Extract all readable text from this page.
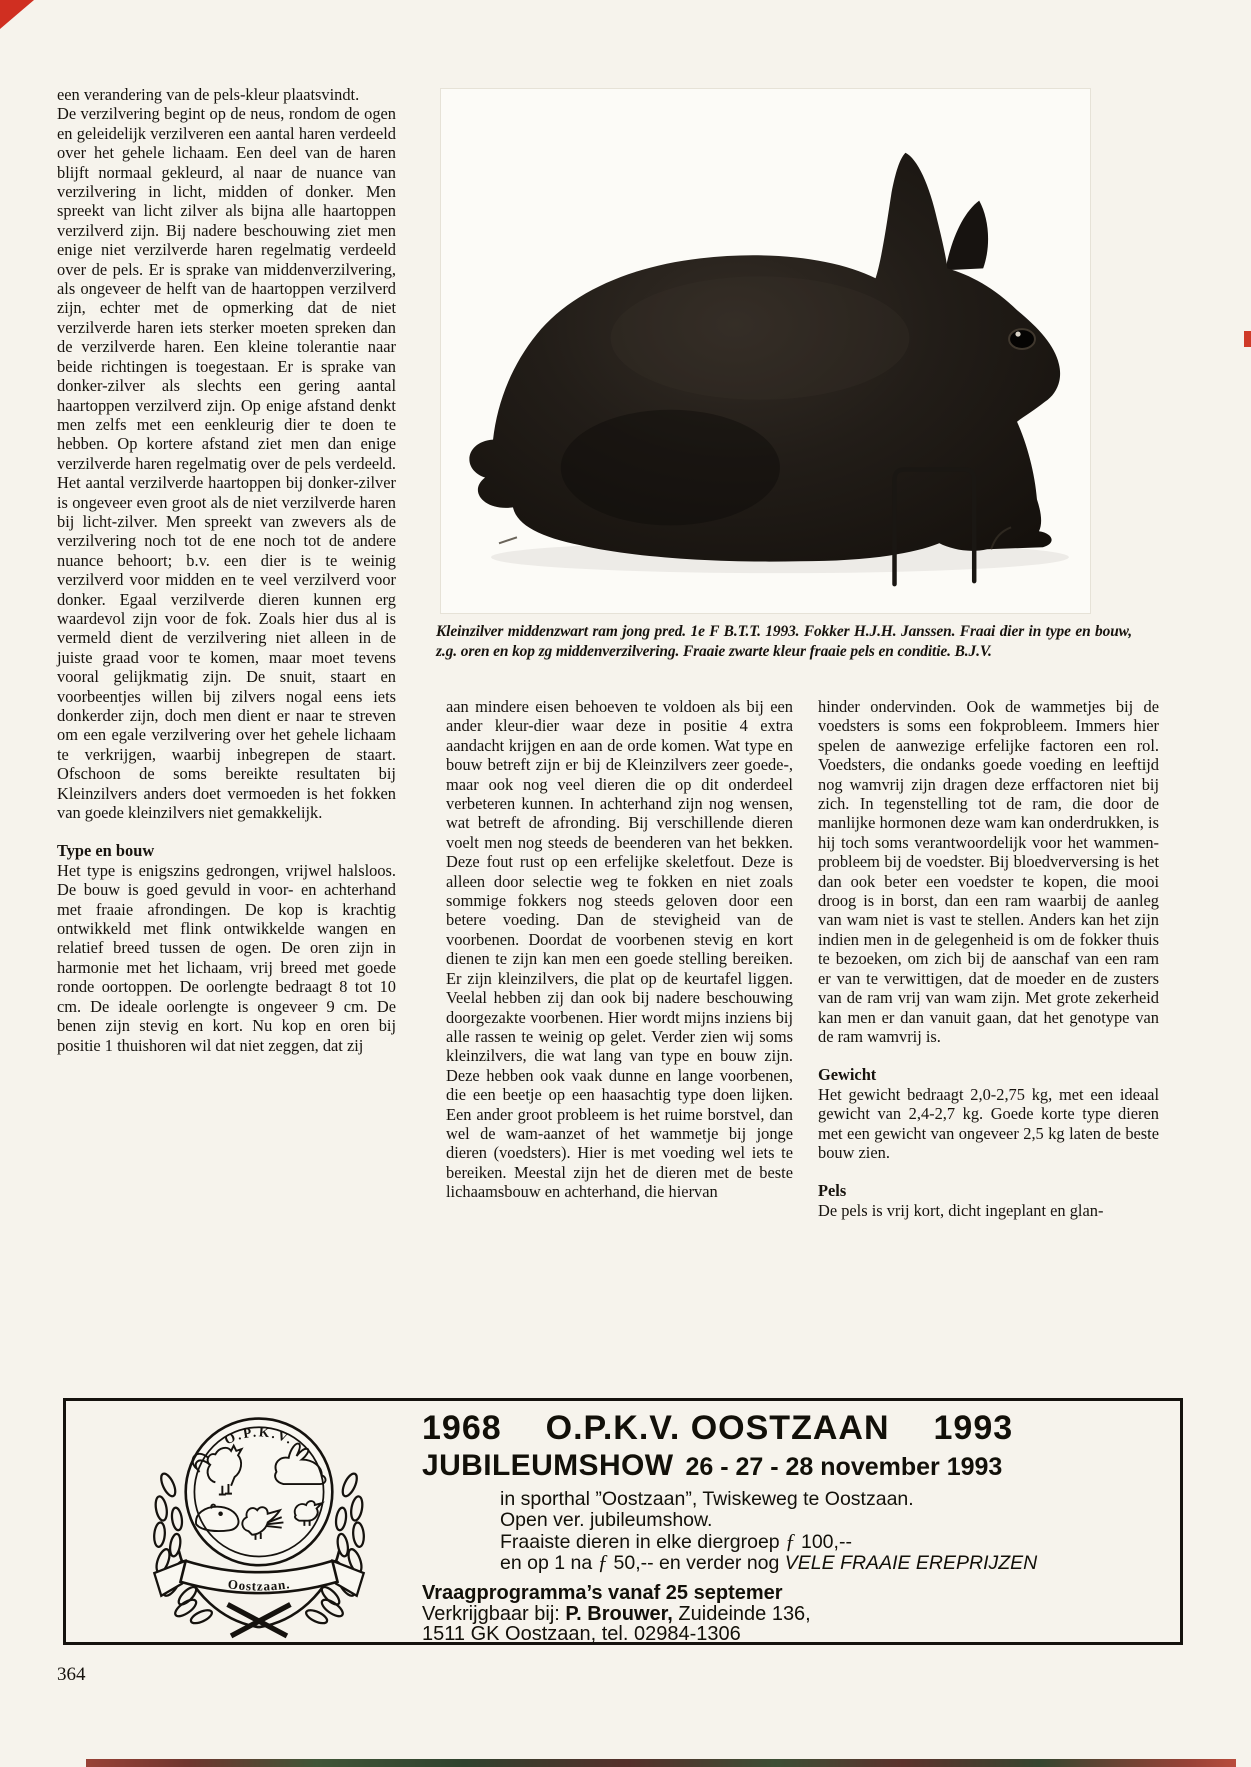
een verandering van de pels-kleur plaatsvindt.

De verzilvering begint op de neus, rondom de ogen en geleidelijk verzilveren een aantal haren verdeeld over het gehele lichaam. Een deel van de haren blijft normaal gekleurd, al naar de nuance van verzilvering in licht, midden of donker. Men spreekt van licht zilver als bijna alle haartoppen verzilverd zijn. Bij nadere beschouwing ziet men enige niet verzilverde haren regelmatig verdeeld over de pels. Er is sprake van middenverzilvering, als ongeveer de helft van de haartoppen verzilverd zijn, echter met de opmerking dat de niet verzilverde haren iets sterker moeten spreken dan de verzilverde haren. Een kleine tolerantie naar beide richtingen is toegestaan. Er is sprake van donker-zilver als slechts een gering aantal haartoppen verzilverd zijn. Op enige afstand denkt men zelfs met een eenkleurig dier te doen te hebben. Op kortere afstand ziet men dan enige verzilverde haren regelmatig over de pels verdeeld. Het aantal verzilverde haartoppen bij donker-zilver is ongeveer even groot als de niet verzilverde haren bij licht-zilver. Men spreekt van zwevers als de verzilvering noch tot de ene noch tot de andere nuance behoort; b.v. een dier is te weinig verzilverd voor midden en te veel verzilverd voor donker. Egaal verzilverde dieren kunnen erg waardevol zijn voor de fok. Zoals hier dus al is vermeld dient de verzilvering niet alleen in de juiste graad voor te komen, maar moet tevens vooral gelijkmatig zijn. De snuit, staart en voorbeentjes willen bij zilvers nogal eens iets donkerder zijn, doch men dient er naar te streven om een egale verzilvering over het gehele lichaam te verkrijgen, waarbij inbegrepen de staart. Ofschoon de soms bereikte resultaten bij Kleinzilvers anders doet vermoeden is het fokken van goede kleinzilvers niet gemakkelijk.

Type en bouw

Het type is enigszins gedrongen, vrijwel halsloos. De bouw is goed gevuld in voor- en achterhand met fraaie afrondingen. De kop is krachtig ontwikkeld met flink ontwikkelde wangen en relatief breed tussen de ogen. De oren zijn in harmonie met het lichaam, vrij breed met goede ronde oortoppen. De oorlengte bedraagt 8 tot 10 cm. De ideale oorlengte is ongeveer 9 cm. De benen zijn stevig en kort. Nu kop en oren bij positie 1 thuishoren wil dat niet zeggen, dat zij

Kleinzilver middenzwart ram jong pred. 1e F B.T.T. 1993. Fokker H.J.H. Janssen. Fraai dier in type en bouw, z.g. oren en kop zg middenverzilvering. Fraaie zwarte kleur fraaie pels en conditie. B.J.V.

aan mindere eisen behoeven te voldoen als bij een ander kleur-dier waar deze in positie 4 extra aandacht krijgen en aan de orde komen. Wat type en bouw betreft zijn er bij de Kleinzilvers zeer goede-, maar ook nog veel dieren die op dit onderdeel verbeteren kunnen. In achterhand zijn nog wensen, wat betreft de afronding. Bij verschillende dieren voelt men nog steeds de beenderen van het bekken. Deze fout rust op een erfelijke skeletfout. Deze is alleen door selectie weg te fokken en niet zoals sommige fokkers nog steeds geloven door een betere voeding. Dan de stevigheid van de voorbenen. Doordat de voorbenen stevig en kort dienen te zijn kan men een goede stelling bereiken. Er zijn kleinzilvers, die plat op de keurtafel liggen. Veelal hebben zij dan ook bij nadere beschouwing doorgezakte voorbenen. Hier wordt mijns inziens bij alle rassen te weinig op gelet. Verder zien wij soms kleinzilvers, die wat lang van type en bouw zijn. Deze hebben ook vaak dunne en lange voorbenen, die een beetje op een haasachtig type doen lijken. Een ander groot probleem is het ruime borstvel, dan wel de wam-aanzet of het wammetje bij jonge dieren (voedsters). Hier is met voeding wel iets te bereiken. Meestal zijn het de dieren met de beste lichaamsbouw en achterhand, die hiervan

hinder ondervinden. Ook de wammetjes bij de voedsters is soms een fokprobleem. Immers hier spelen de aanwezige erfelijke factoren een rol. Voedsters, die ondanks goede voeding en leeftijd nog wamvrij zijn dragen deze erffactoren niet bij zich. In tegenstelling tot de ram, die door de manlijke hormonen deze wam kan onderdrukken, is hij toch soms verantwoordelijk voor het wammen-probleem bij de voedster. Bij bloedverversing is het dan ook beter een voedster te kopen, die mooi droog is in borst, dan een ram waarbij de aanleg van wam niet is vast te stellen. Anders kan het zijn indien men in de gelegenheid is om de fokker thuis te bezoeken, om zich bij de aanschaf van een ram er van te verwittigen, dat de moeder en de zusters van de ram vrij van wam zijn. Met grote zekerheid kan men er dan vanuit gaan, dat het genotype van de ram wamvrij is.

Gewicht

Het gewicht bedraagt 2,0-2,75 kg, met een ideaal gewicht van 2,4-2,7 kg. Goede korte type dieren met een gewicht van ongeveer 2,5 kg laten de beste bouw zien.

Pels

De pels is vrij kort, dicht ingeplant en glan-

O.P.K.V.
Oostzaan.
1968 O.P.K.V. OOSTZAAN 1993
JUBILEUMSHOW 26 - 27 - 28 november 1993
in sporthal ”Oostzaan”, Twiskeweg te Oostzaan.
Open ver. jubileumshow.
Fraaiste dieren in elke diergroep ƒ 100,--
en op 1 na ƒ 50,-- en verder nog VELE FRAAIE EREPRIJZEN
Vraagprogramma’s vanaf 25 septemer
Verkrijgbaar bij: P. Brouwer, Zuideinde 136,
1511 GK Oostzaan, tel. 02984-1306
364
